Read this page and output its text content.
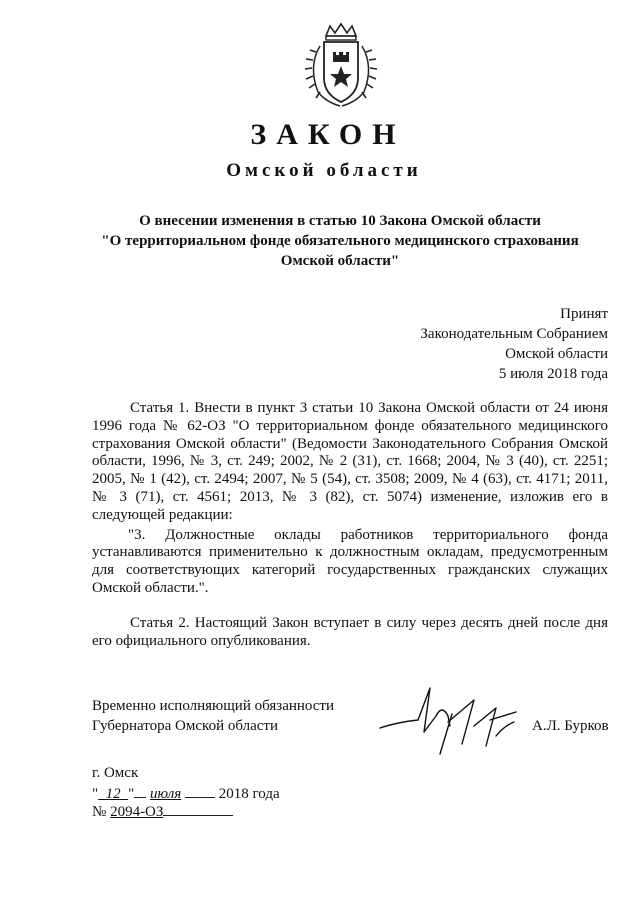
ЗАКОН
Омской области
О внесении изменения в статью 10 Закона Омской области
"О территориальном фонде обязательного медицинского страхования
Омской области"
Принят
Законодательным Собранием
Омской области
5 июля 2018 года

Статья 1. Внести в пункт 3 статьи 10 Закона Омской области от 24 июня 1996 года № 62-ОЗ "О территориальном фонде обязательного медицинского страхования Омской области" (Ведомости Законодательного Собрания Омской области, 1996, № 3, ст. 249; 2002, № 2 (31), ст. 1668; 2004, № 3 (40), ст. 2251; 2005, № 1 (42), ст. 2494; 2007, № 5 (54), ст. 3508; 2009, № 4 (63), ст. 4171; 2011, № 3 (71), ст. 4561; 2013, № 3 (82), ст. 5074) изменение, изложив его в следующей редакции:

"3. Должностные оклады работников территориального фонда устанавливаются применительно к должностным окладам, предусмотренным для соответствующих категорий государственных гражданских служащих Омской области.".

Статья 2. Настоящий Закон вступает в силу через десять дней после дня его официального опубликования.

Временно исполняющий обязанности
Губернатора Омской области	А.Л. Бурков
г. Омск
" 12 " июля	2018 года
№ 2094-ОЗ
